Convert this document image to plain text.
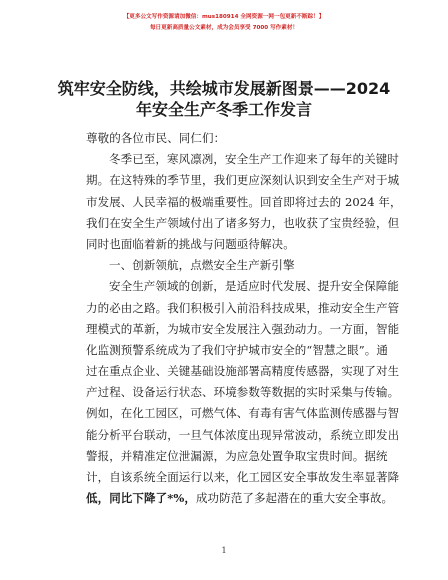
【更多公文写作资源请加微信：mus180914 全网资源一网一包更新不断踪！】
每日更新高质量公文素材，成为会员享受 7000 写作素材！
筑牢安全防线，共绘城市发展新图景——2024
年安全生产冬季工作发言
尊敬的各位市民、同仁们：
冬季已至，寒风凛冽，安全生产工作迎来了每年的关键时
期。在这特殊的季节里，我们更应深刻认识到安全生产对于城
市发展、人民幸福的极端重要性。回首即将过去的 2024 年，
我们在安全生产领域付出了诸多努力，也收获了宝贵经验，但
同时也面临着新的挑战与问题亟待解决。
一、创新领航，点燃安全生产新引擎
安全生产领域的创新，是适应时代发展、提升安全保障能
力的必由之路。我们积极引入前沿科技成果，推动安全生产管
理模式的革新，为城市安全发展注入强劲动力。一方面，智能
化监测预警系统成为了我们守护城市安全的“智慧之眼”。通
过在重点企业、关键基础设施部署高精度传感器，实现了对生
产过程、设备运行状态、环境参数等数据的实时采集与传输。
例如，在化工园区，可燃气体、有毒有害气体监测传感器与智
能分析平台联动，一旦气体浓度出现异常波动，系统立即发出
警报，并精准定位泄漏源，为应急处置争取宝贵时间。据统
计，自该系统全面运行以来，化工园区安全事故发生率显著降
低，同比下降了*%，成功防范了多起潜在的重大安全事故。
1
